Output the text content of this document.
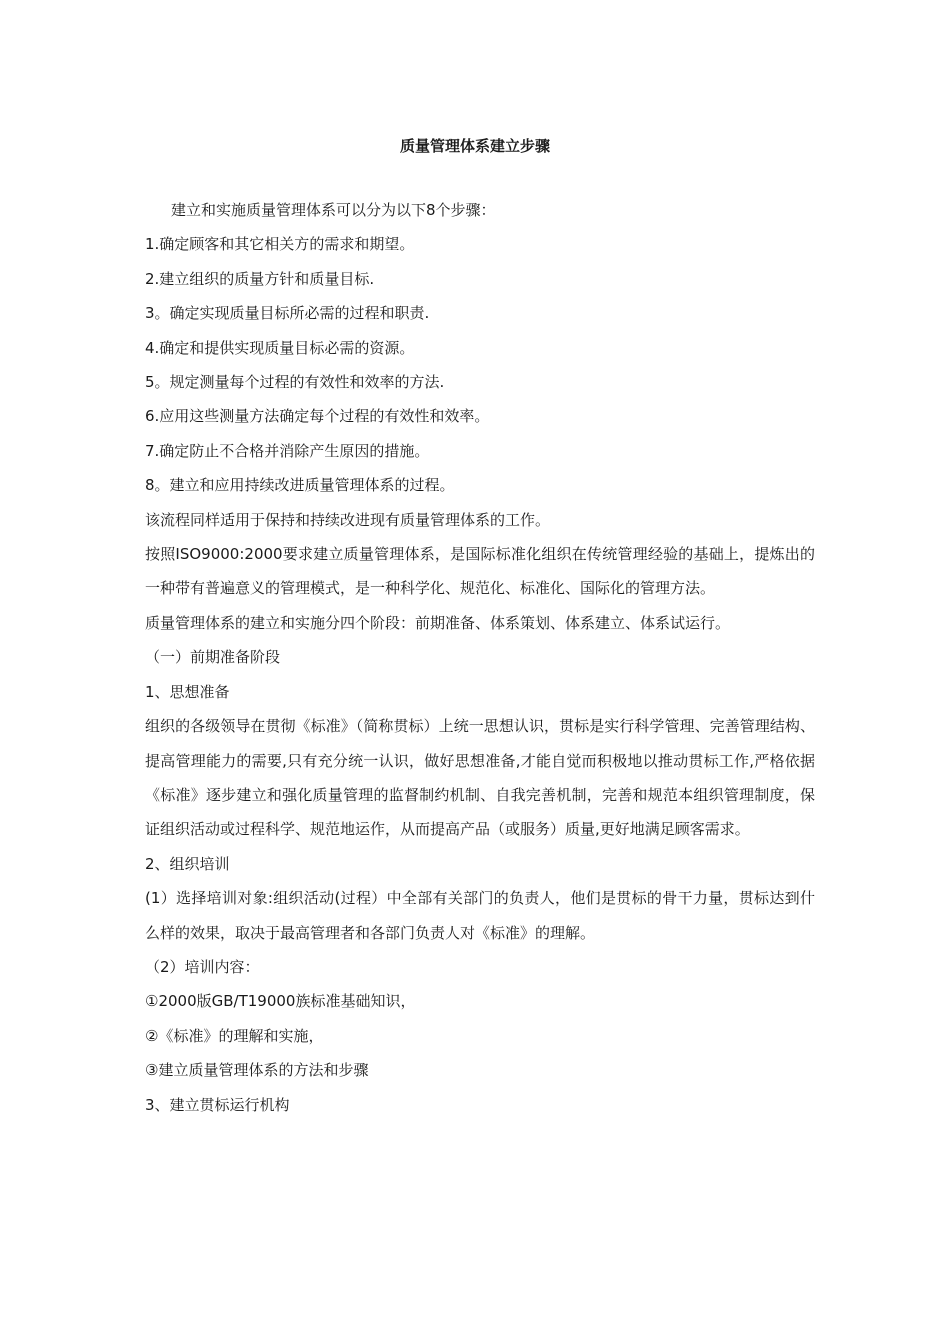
质量管理体系建立步骤

建立和实施质量管理体系可以分为以下8个步骤：

1.确定顾客和其它相关方的需求和期望。

2.建立组织的质量方针和质量目标.

3。确定实现质量目标所必需的过程和职责.

4.确定和提供实现质量目标必需的资源。

5。规定测量每个过程的有效性和效率的方法.

6.应用这些测量方法确定每个过程的有效性和效率。

7.确定防止不合格并消除产生原因的措施。

8。建立和应用持续改进质量管理体系的过程。

该流程同样适用于保持和持续改进现有质量管理体系的工作。

按照ISO9000:2000要求建立质量管理体系，是国际标准化组织在传统管理经验的基础上，提炼出的一种带有普遍意义的管理模式，是一种科学化、规范化、标准化、国际化的管理方法。

质量管理体系的建立和实施分四个阶段：前期准备、体系策划、体系建立、体系试运行。

（一）前期准备阶段

1、思想准备

组织的各级领导在贯彻《标准》（简称贯标）上统一思想认识，贯标是实行科学管理、完善管理结构、提高管理能力的需要,只有充分统一认识，做好思想准备,才能自觉而积极地以推动贯标工作,严格依据《标准》逐步建立和强化质量管理的监督制约机制、自我完善机制，完善和规范本组织管理制度，保证组织活动或过程科学、规范地运作，从而提高产品（或服务）质量,更好地满足顾客需求。

2、组织培训

(1）选择培训对象:组织活动(过程）中全部有关部门的负责人，他们是贯标的骨干力量，贯标达到什么样的效果，取决于最高管理者和各部门负责人对《标准》的理解。

（2）培训内容：

①2000版GB/T19000族标准基础知识，

②《标准》的理解和实施，

③建立质量管理体系的方法和步骤

3、建立贯标运行机构
